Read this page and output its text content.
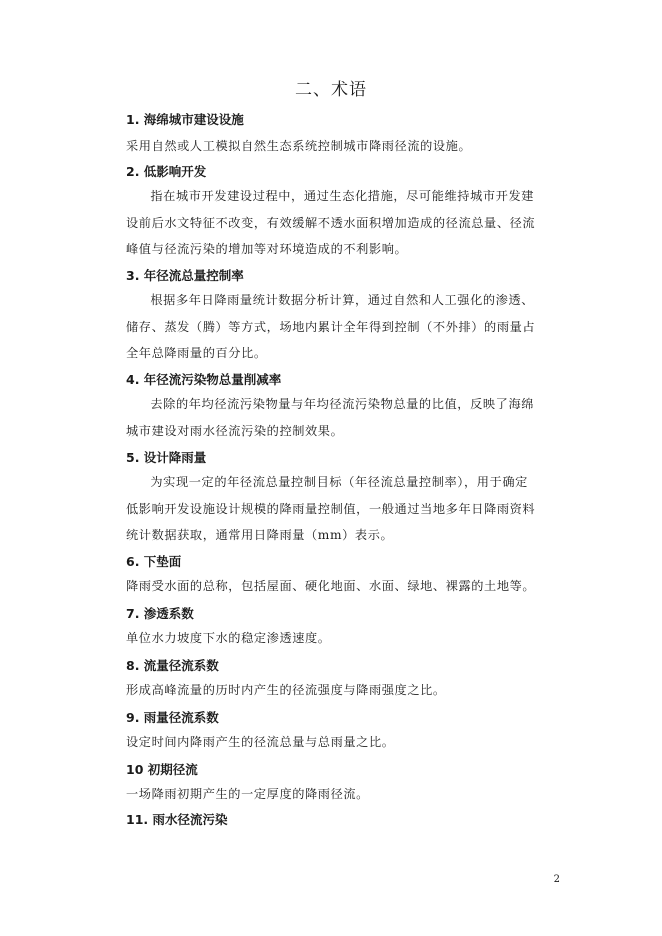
二、术语
1. 海绵城市建设设施

采用自然或人工模拟自然生态系统控制城市降雨径流的设施。

2. 低影响开发

指在城市开发建设过程中，通过生态化措施，尽可能维持城市开发建设前后水文特征不改变，有效缓解不透水面积增加造成的径流总量、径流峰值与径流污染的增加等对环境造成的不利影响。

3. 年径流总量控制率

根据多年日降雨量统计数据分析计算，通过自然和人工强化的渗透、储存、蒸发（腾）等方式，场地内累计全年得到控制（不外排）的雨量占全年总降雨量的百分比。

4. 年径流污染物总量削减率

去除的年均径流污染物量与年均径流污染物总量的比值，反映了海绵城市建设对雨水径流污染的控制效果。

5. 设计降雨量

为实现一定的年径流总量控制目标（年径流总量控制率），用于确定低影响开发设施设计规模的降雨量控制值，一般通过当地多年日降雨资料统计数据获取，通常用日降雨量（mm）表示。

6. 下垫面

降雨受水面的总称，包括屋面、硬化地面、水面、绿地、裸露的土地等。

7. 渗透系数

单位水力坡度下水的稳定渗透速度。

8. 流量径流系数

形成高峰流量的历时内产生的径流强度与降雨强度之比。

9. 雨量径流系数

设定时间内降雨产生的径流总量与总雨量之比。

10 初期径流

一场降雨初期产生的一定厚度的降雨径流。

11. 雨水径流污染
2
